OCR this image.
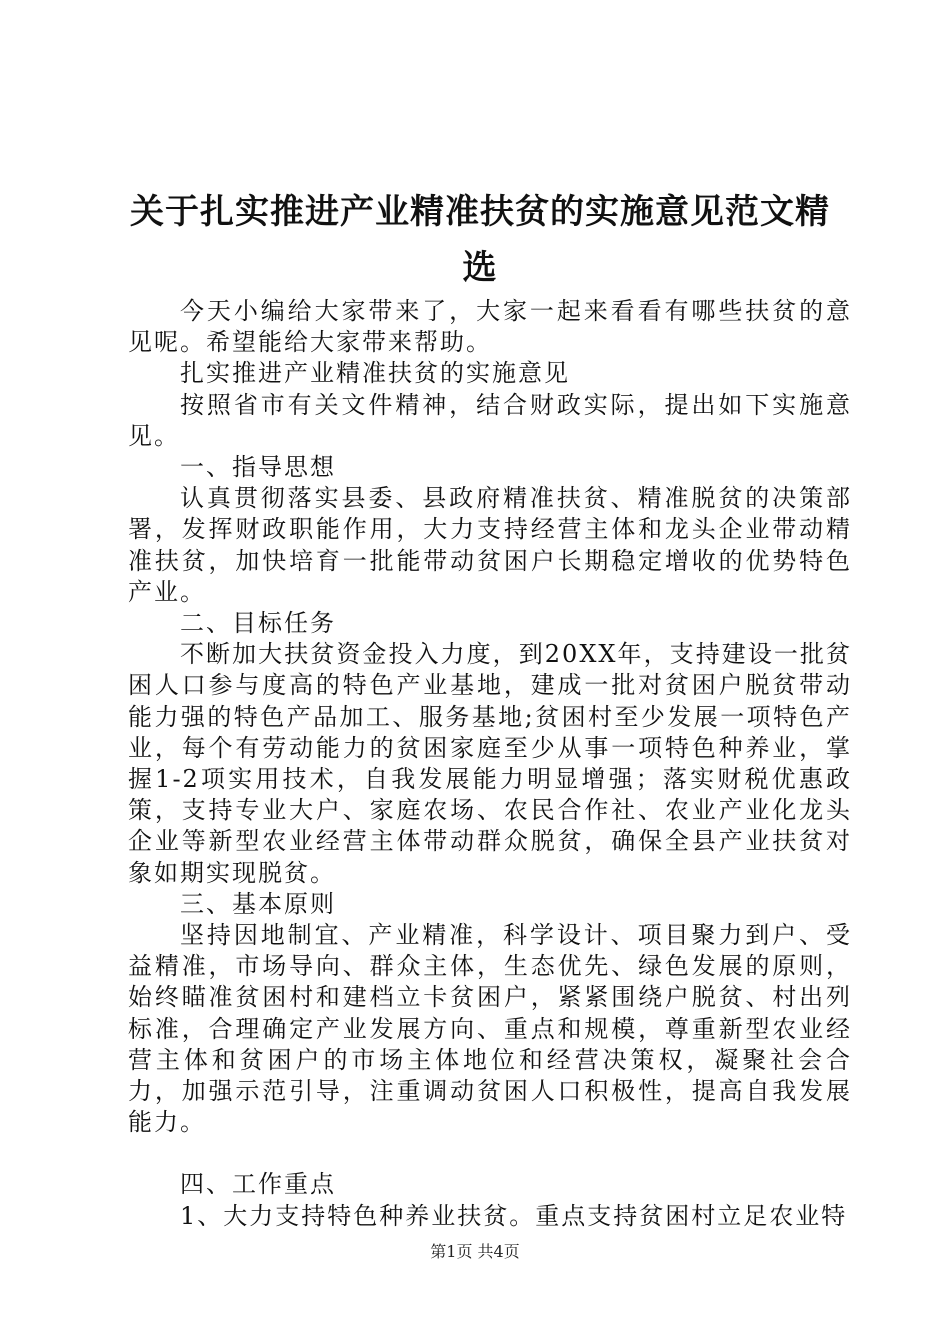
关于扎实推进产业精准扶贫的实施意见范文精选

今天小编给大家带来了，大家一起来看看有哪些扶贫的意见呢。希望能给大家带来帮助。

扎实推进产业精准扶贫的实施意见

按照省市有关文件精神，结合财政实际，提出如下实施意见。

一、指导思想

认真贯彻落实县委、县政府精准扶贫、精准脱贫的决策部署，发挥财政职能作用，大力支持经营主体和龙头企业带动精准扶贫，加快培育一批能带动贫困户长期稳定增收的优势特色产业。

二、目标任务

不断加大扶贫资金投入力度，到20XX年，支持建设一批贫困人口参与度高的特色产业基地，建成一批对贫困户脱贫带动能力强的特色产品加工、服务基地;贫困村至少发展一项特色产业，每个有劳动能力的贫困家庭至少从事一项特色种养业，掌握1-2项实用技术，自我发展能力明显增强；落实财税优惠政策，支持专业大户、家庭农场、农民合作社、农业产业化龙头企业等新型农业经营主体带动群众脱贫，确保全县产业扶贫对象如期实现脱贫。

三、基本原则

坚持因地制宜、产业精准，科学设计、项目聚力到户、受益精准，市场导向、群众主体，生态优先、绿色发展的原则，始终瞄准贫困村和建档立卡贫困户，紧紧围绕户脱贫、村出列标准，合理确定产业发展方向、重点和规模，尊重新型农业经营主体和贫困户的市场主体地位和经营决策权，凝聚社会合力，加强示范引导，注重调动贫困人口积极性，提高自我发展能力。

四、工作重点

1、大力支持特色种养业扶贫。重点支持贫困村立足农业特

第1页 共4页
